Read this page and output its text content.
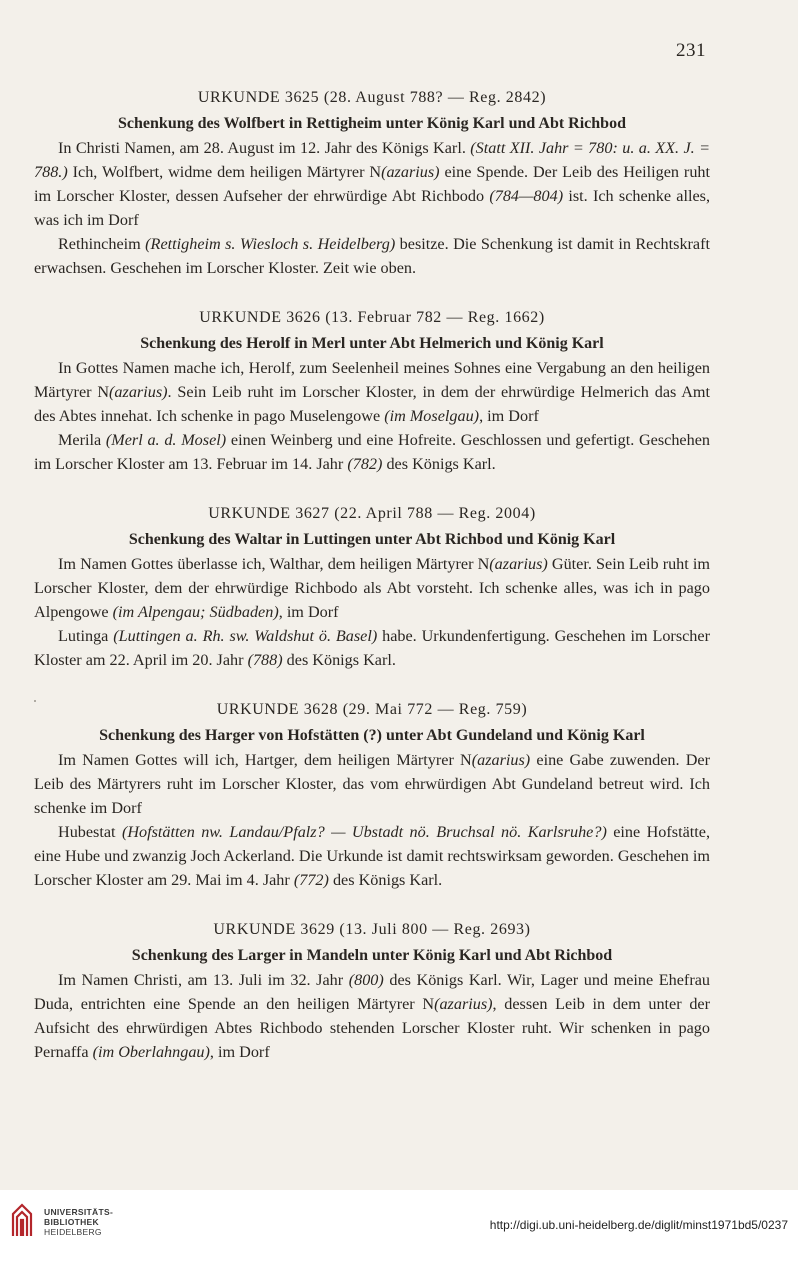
231
URKUNDE 3625 (28. August 788? — Reg. 2842)
Schenkung des Wolfbert in Rettigheim unter König Karl und Abt Richbod

In Christi Namen, am 28. August im 12. Jahr des Königs Karl. (Statt XII. Jahr = 780: u. a. XX. J. = 788.) Ich, Wolfbert, widme dem heiligen Märtyrer N(azarius) eine Spende. Der Leib des Heiligen ruht im Lorscher Kloster, dessen Aufseher der ehrwürdige Abt Richbodo (784—804) ist. Ich schenke alles, was ich im Dorf

Rethincheim (Rettigheim s. Wiesloch s. Heidelberg) besitze. Die Schenkung ist damit in Rechtskraft erwachsen. Geschehen im Lorscher Kloster. Zeit wie oben.

URKUNDE 3626 (13. Februar 782 — Reg. 1662)
Schenkung des Herolf in Merl unter Abt Helmerich und König Karl

In Gottes Namen mache ich, Herolf, zum Seelenheil meines Sohnes eine Vergabung an den heiligen Märtyrer N(azarius). Sein Leib ruht im Lorscher Kloster, in dem der ehrwürdige Helmerich das Amt des Abtes innehat. Ich schenke in pago Muselengowe (im Moselgau), im Dorf

Merila (Merl a. d. Mosel) einen Weinberg und eine Hofreite. Geschlossen und gefertigt. Geschehen im Lorscher Kloster am 13. Februar im 14. Jahr (782) des Königs Karl.

URKUNDE 3627 (22. April 788 — Reg. 2004)
Schenkung des Waltar in Luttingen unter Abt Richbod und König Karl

Im Namen Gottes überlasse ich, Walthar, dem heiligen Märtyrer N(azarius) Güter. Sein Leib ruht im Lorscher Kloster, dem der ehrwürdige Richbodo als Abt vorsteht. Ich schenke alles, was ich in pago Alpengowe (im Alpengau; Südbaden), im Dorf

Lutinga (Luttingen a. Rh. sw. Waldshut ö. Basel) habe. Urkundenfertigung. Geschehen im Lorscher Kloster am 22. April im 20. Jahr (788) des Königs Karl.

URKUNDE 3628 (29. Mai 772 — Reg. 759)
Schenkung des Harger von Hofstätten (?) unter Abt Gundeland und König Karl

Im Namen Gottes will ich, Hartger, dem heiligen Märtyrer N(azarius) eine Gabe zuwenden. Der Leib des Märtyrers ruht im Lorscher Kloster, das vom ehrwürdigen Abt Gundeland betreut wird. Ich schenke im Dorf

Hubestat (Hofstätten nw. Landau/Pfalz? — Ubstadt nö. Bruchsal nö. Karlsruhe?) eine Hofstätte, eine Hube und zwanzig Joch Ackerland. Die Urkunde ist damit rechtswirksam geworden. Geschehen im Lorscher Kloster am 29. Mai im 4. Jahr (772) des Königs Karl.

URKUNDE 3629 (13. Juli 800 — Reg. 2693)
Schenkung des Larger in Mandeln unter König Karl und Abt Richbod

Im Namen Christi, am 13. Juli im 32. Jahr (800) des Königs Karl. Wir, Lager und meine Ehefrau Duda, entrichten eine Spende an den heiligen Märtyrer N(azarius), dessen Leib in dem unter der Aufsicht des ehrwürdigen Abtes Richbodo stehenden Lorscher Kloster ruht. Wir schenken in pago Pernaffa (im Oberlahngau), im Dorf

UNIVERSITÄTS-
BIBLIOTHEK
HEIDELBERG	http://digi.ub.uni-heidelberg.de/diglit/minst1971bd5/0237
